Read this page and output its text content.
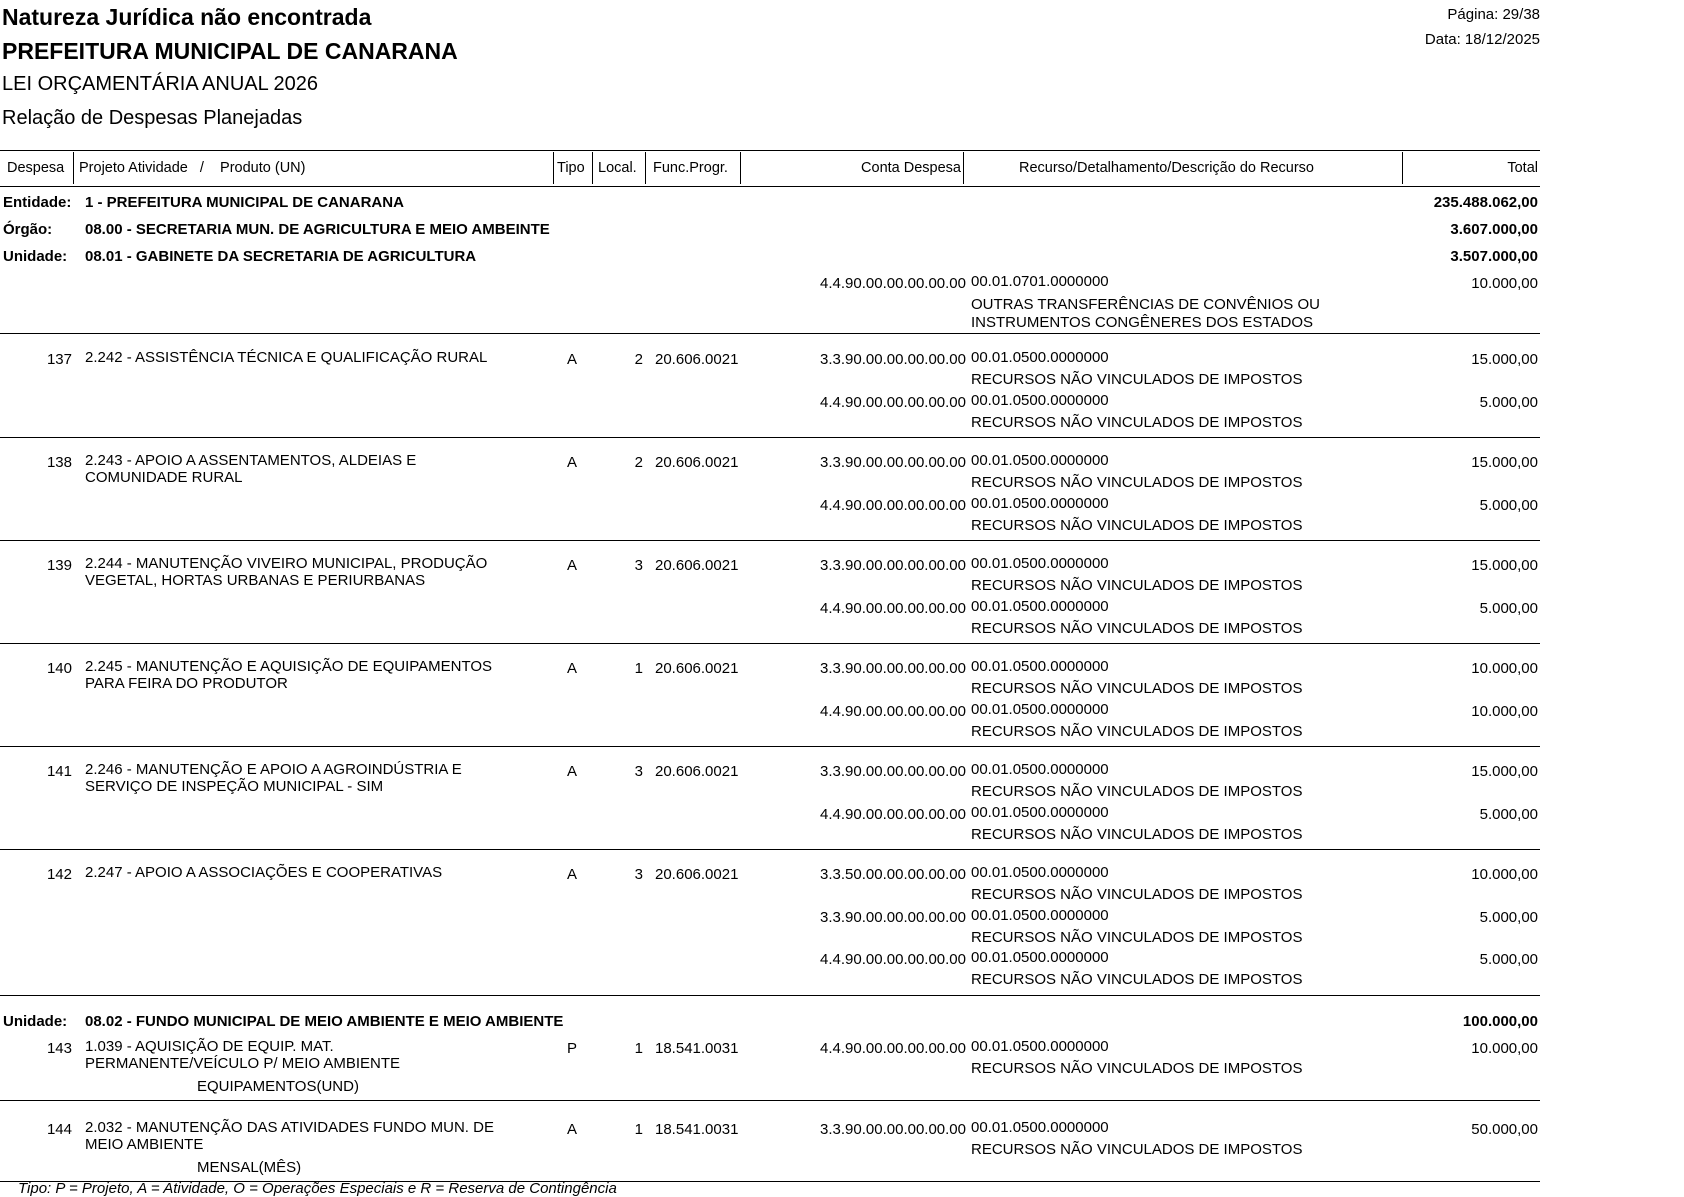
Natureza Jurídica não encontrada
PREFEITURA MUNICIPAL DE CANARANA
LEI ORÇAMENTÁRIA ANUAL 2026
Relação de Despesas Planejadas
Página: 29/38
Data: 18/12/2025
Despesa Projeto Atividade   /    Produto (UN)	Tipo Local. Func.Progr.	Conta Despesa	Recurso/Detalhamento/Descrição do Recurso	Total
Entidade: 1 - PREFEITURA MUNICIPAL DE CANARANA	235.488.062,00
Órgão: 08.00 - SECRETARIA MUN. DE AGRICULTURA E MEIO AMBEINTE	3.607.000,00
Unidade: 08.01 - GABINETE DA SECRETARIA DE AGRICULTURA	3.507.000,00
4.4.90.00.00.00.00.00 00.01.0701.0000000
OUTRAS TRANSFERÊNCIAS DE CONVÊNIOS OU
INSTRUMENTOS CONGÊNERES DOS ESTADOS
10.000,00
137 2.242 - ASSISTÊNCIA TÉCNICA E QUALIFICAÇÃO RURAL	A	2 20.606.0021	3.3.90.00.00.00.00.00 00.01.0500.0000000
RECURSOS NÃO VINCULADOS DE IMPOSTOS
15.000,00
4.4.90.00.00.00.00.00 00.01.0500.0000000
RECURSOS NÃO VINCULADOS DE IMPOSTOS
5.000,00
138 2.243 - APOIO A ASSENTAMENTOS, ALDEIAS E
COMUNIDADE RURAL
A	2 20.606.0021	3.3.90.00.00.00.00.00 00.01.0500.0000000
RECURSOS NÃO VINCULADOS DE IMPOSTOS
15.000,00
4.4.90.00.00.00.00.00 00.01.0500.0000000
RECURSOS NÃO VINCULADOS DE IMPOSTOS
5.000,00
139 2.244 - MANUTENÇÃO VIVEIRO MUNICIPAL, PRODUÇÃO
VEGETAL, HORTAS URBANAS E PERIURBANAS
A	3 20.606.0021	3.3.90.00.00.00.00.00 00.01.0500.0000000
RECURSOS NÃO VINCULADOS DE IMPOSTOS
15.000,00
4.4.90.00.00.00.00.00 00.01.0500.0000000
RECURSOS NÃO VINCULADOS DE IMPOSTOS
5.000,00
140 2.245 - MANUTENÇÃO E AQUISIÇÃO DE EQUIPAMENTOS
PARA FEIRA DO PRODUTOR
A	1 20.606.0021	3.3.90.00.00.00.00.00 00.01.0500.0000000
RECURSOS NÃO VINCULADOS DE IMPOSTOS
10.000,00
4.4.90.00.00.00.00.00 00.01.0500.0000000
RECURSOS NÃO VINCULADOS DE IMPOSTOS
10.000,00
141 2.246 - MANUTENÇÃO E APOIO A AGROINDÚSTRIA E
SERVIÇO DE INSPEÇÃO MUNICIPAL - SIM
A	3 20.606.0021	3.3.90.00.00.00.00.00 00.01.0500.0000000
RECURSOS NÃO VINCULADOS DE IMPOSTOS
15.000,00
4.4.90.00.00.00.00.00 00.01.0500.0000000
RECURSOS NÃO VINCULADOS DE IMPOSTOS
5.000,00
142 2.247 - APOIO A ASSOCIAÇÕES E COOPERATIVAS	A	3 20.606.0021	3.3.50.00.00.00.00.00 00.01.0500.0000000
RECURSOS NÃO VINCULADOS DE IMPOSTOS
10.000,00
3.3.90.00.00.00.00.00 00.01.0500.0000000
RECURSOS NÃO VINCULADOS DE IMPOSTOS
5.000,00
4.4.90.00.00.00.00.00 00.01.0500.0000000
RECURSOS NÃO VINCULADOS DE IMPOSTOS
5.000,00
Unidade: 08.02 - FUNDO MUNICIPAL DE MEIO AMBIENTE E MEIO AMBIENTE	100.000,00
143 1.039 - AQUISIÇÃO DE EQUIP. MAT.
PERMANENTE/VEÍCULO P/ MEIO AMBIENTE
EQUIPAMENTOS(UND)
P	1 18.541.0031	4.4.90.00.00.00.00.00 00.01.0500.0000000
RECURSOS NÃO VINCULADOS DE IMPOSTOS
10.000,00
144 2.032 - MANUTENÇÃO DAS ATIVIDADES FUNDO MUN. DE
MEIO AMBIENTE
MENSAL(MÊS)
A	1 18.541.0031	3.3.90.00.00.00.00.00 00.01.0500.0000000
RECURSOS NÃO VINCULADOS DE IMPOSTOS
50.000,00
Tipo: P = Projeto, A = Atividade, O = Operações Especiais e R = Reserva de Contingência
